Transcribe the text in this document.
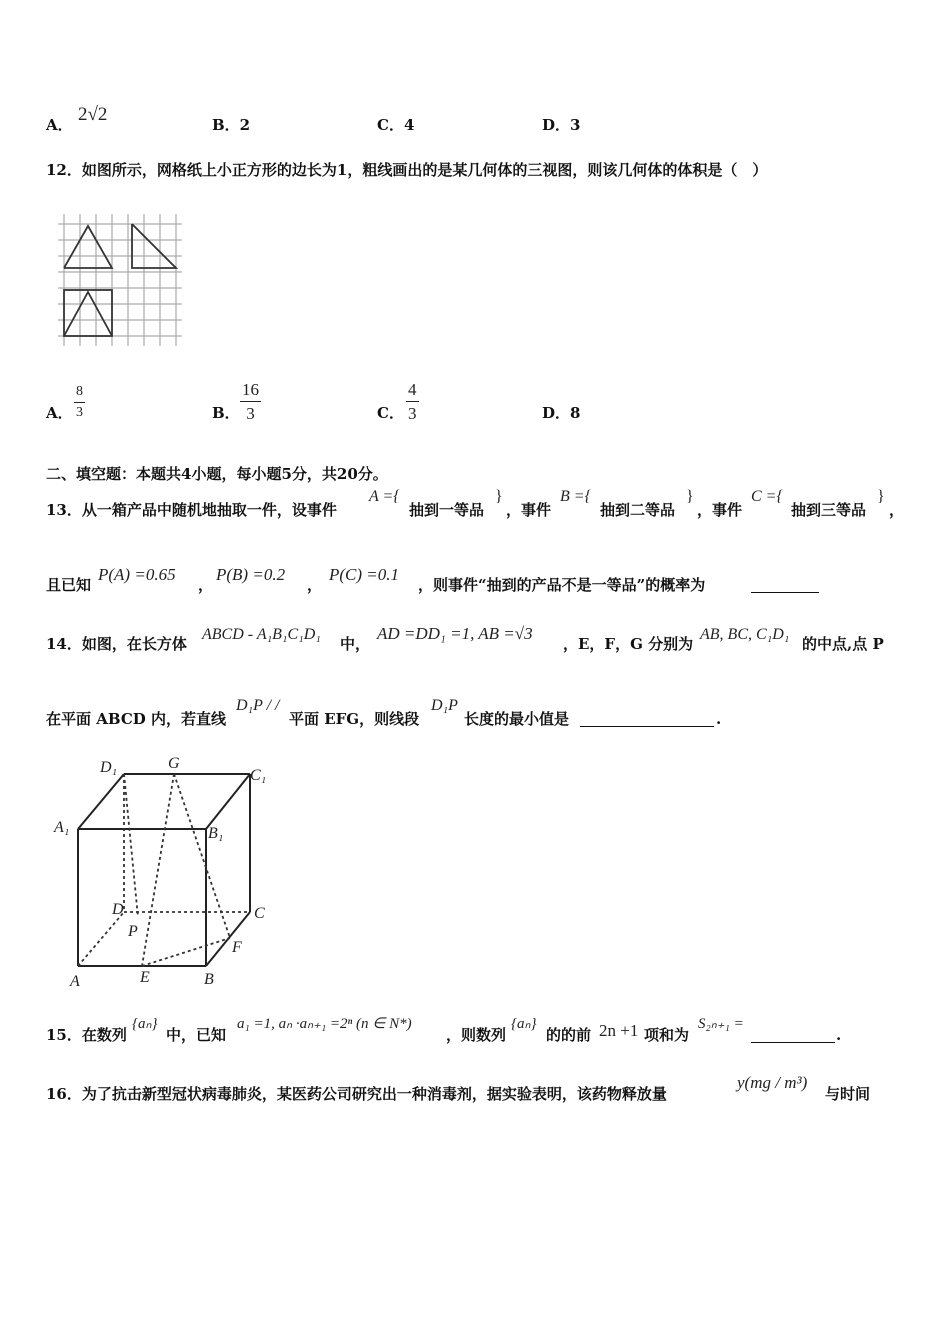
A． 2√2	B．2	C．4	D．3
12．如图所示，网格纸上小正方形的边长为1，粗线画出的是某几何体的三视图，则该几何体的体积是（　）
A． $\frac{8}{3}$	B． $\frac{16}{3}$	C． $\frac{4}{3}$	D．8
二、填空题：本题共4小题，每小题5分，共20分。
13．从一箱产品中随机地抽取一件，设事件
A ={
抽到一等品
}
，事件
B ={
抽到二等品
}
，事件
C ={
抽到三等品
}
，
且已知
P(A) =0.65
，
P(B) =0.2
，
P(C) =0.1
，则事件“抽到的产品不是一等品”的概率为
14．如图，在长方体
ABCD - A₁B₁C₁D₁
中，
AD =DD₁ =1, AB =√3
，E，F，G 分别为
AB, BC, C₁D₁
的中点,点 P
在平面 ABCD 内，若直线
D₁P / /
平面 EFG，则线段
D₁P
长度的最小值是	.
D₁	G
C₁
A₁	B₁
D	C
P
F
A	E	B
15．在数列
{aₙ}
中，已知
a₁ =1, aₙ ·aₙ₊₁ =2ⁿ (n ∈ N*)
，则数列
{aₙ}
的的前 2n +1 项和为
S₂ₙ₊₁ =
.
16．为了抗击新型冠状病毒肺炎，某医药公司研究出一种消毒剂，据实验表明，该药物释放量
y(mg / m³)
与时间
